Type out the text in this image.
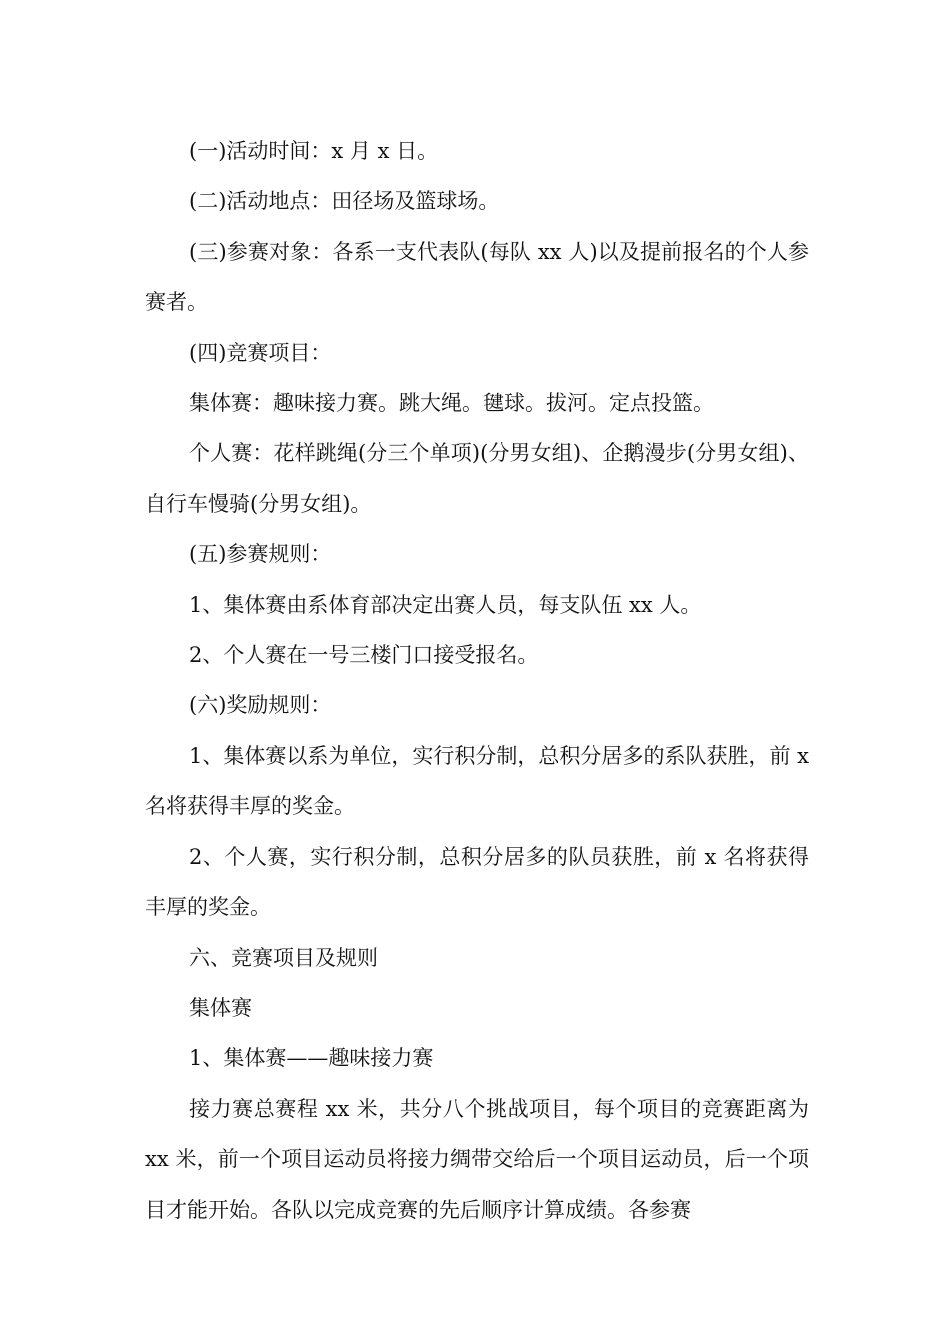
(一)活动时间：x 月 x 日。

(二)活动地点：田径场及篮球场。

(三)参赛对象：各系一支代表队(每队 xx 人)以及提前报名的个人参赛者。

(四)竞赛项目：

集体赛：趣味接力赛。跳大绳。毽球。拔河。定点投篮。

个人赛：花样跳绳(分三个单项)(分男女组)、企鹅漫步(分男女组)、自行车慢骑(分男女组)。

(五)参赛规则：

1、集体赛由系体育部决定出赛人员，每支队伍 xx 人。

2、个人赛在一号三楼门口接受报名。

(六)奖励规则：

1、集体赛以系为单位，实行积分制，总积分居多的系队获胜，前 x 名将获得丰厚的奖金。

2、个人赛，实行积分制，总积分居多的队员获胜，前 x 名将获得丰厚的奖金。

六、竞赛项目及规则

集体赛

1、集体赛——趣味接力赛

接力赛总赛程 xx 米，共分八个挑战项目，每个项目的竞赛距离为 xx 米，前一个项目运动员将接力绸带交给后一个项目运动员，后一个项目才能开始。各队以完成竞赛的先后顺序计算成绩。各参赛
